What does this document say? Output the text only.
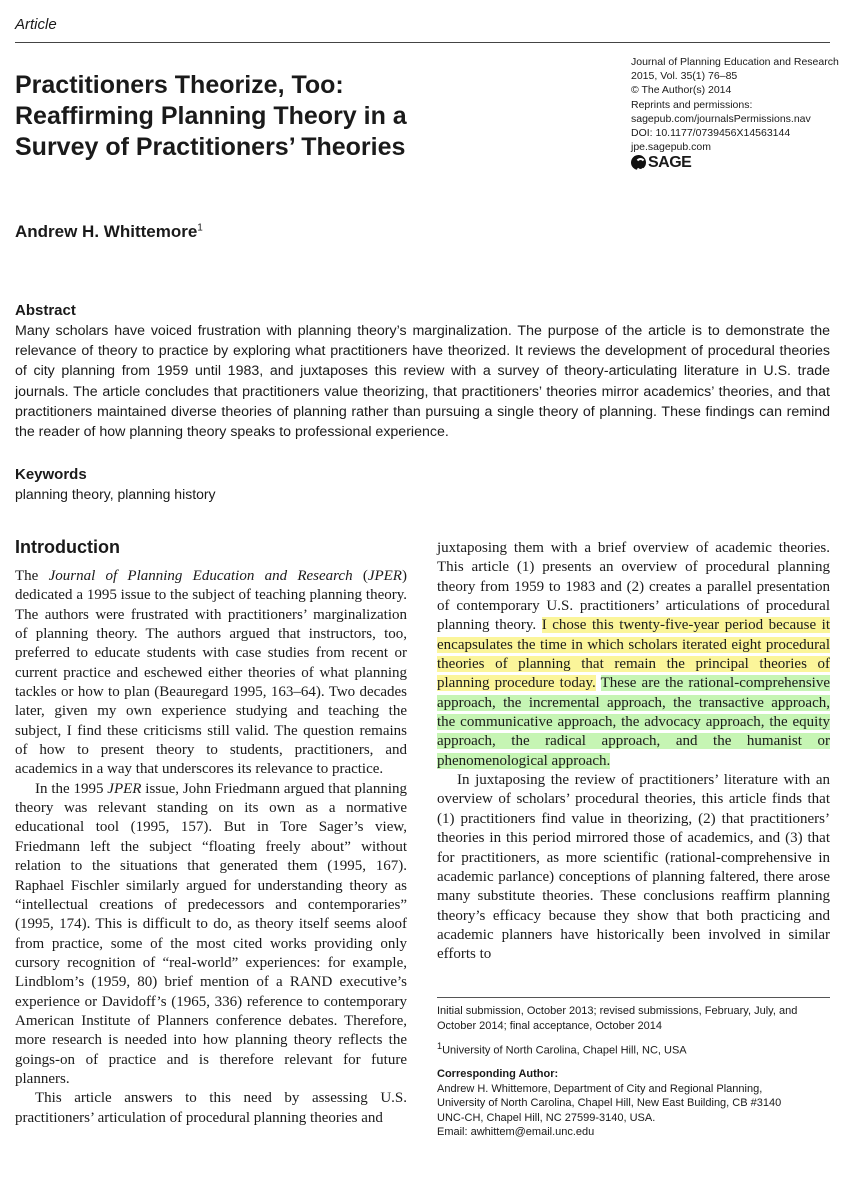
Article
Practitioners Theorize, Too:
Reaffirming Planning Theory in a
Survey of Practitioners’ Theories
Journal of Planning Education and Research
2015, Vol. 35(1) 76–85
© The Author(s) 2014
Reprints and permissions:
sagepub.com/journalsPermissions.nav
DOI: 10.1177/0739456X14563144
jpe.sagepub.com
SAGE
Andrew H. Whittemore$^1$
Abstract

Many scholars have voiced frustration with planning theory’s marginalization. The purpose of the article is to demonstrate the relevance of theory to practice by exploring what practitioners have theorized. It reviews the development of procedural theories of city planning from 1959 until 1983, and juxtaposes this review with a survey of theory-articulating literature in U.S. trade journals. The article concludes that practitioners value theorizing, that practitioners’ theories mirror academics’ theories, and that practitioners maintained diverse theories of planning rather than pursuing a single theory of planning. These findings can remind the reader of how planning theory speaks to professional experience.

Keywords
planning theory, planning history
Introduction

The Journal of Planning Education and Research (JPER) dedicated a 1995 issue to the subject of teaching planning theory. The authors were frustrated with practitioners’ marginalization of planning theory. The authors argued that instructors, too, preferred to educate students with case studies from recent or current practice and eschewed either theories of what planning tackles or how to plan (Beauregard 1995, 163–64). Two decades later, given my own experience studying and teaching the subject, I find these criticisms still valid. The question remains of how to present theory to students, practitioners, and academics in a way that underscores its relevance to practice.

In the 1995 JPER issue, John Friedmann argued that planning theory was relevant standing on its own as a normative educational tool (1995, 157). But in Tore Sager’s view, Friedmann left the subject “floating freely about” without relation to the situations that generated them (1995, 167). Raphael Fischler similarly argued for understanding theory as “intellectual creations of predecessors and contemporaries” (1995, 174). This is difficult to do, as theory itself seems aloof from practice, some of the most cited works providing only cursory recognition of “real-world” experiences: for example, Lindblom’s (1959, 80) brief mention of a RAND executive’s experience or Davidoff’s (1965, 336) reference to contemporary American Institute of Planners conference debates. Therefore, more research is needed into how planning theory reflects the goings-on of practice and is therefore relevant for future planners.

This article answers to this need by assessing U.S. practitioners’ articulation of procedural planning theories and

juxtaposing them with a brief overview of academic theories. This article (1) presents an overview of procedural planning theory from 1959 to 1983 and (2) creates a parallel presentation of contemporary U.S. practitioners’ articulations of procedural planning theory. I chose this twenty-five-year period because it encapsulates the time in which scholars iterated eight procedural theories of planning that remain the principal theories of planning procedure today. These are the rational-comprehensive approach, the incremental approach, the transactive approach, the communicative approach, the advocacy approach, the equity approach, the radical approach, and the humanist or phenomenological approach.

In juxtaposing the review of practitioners’ literature with an overview of scholars’ procedural theories, this article finds that (1) practitioners find value in theorizing, (2) that practitioners’ theories in this period mirrored those of academics, and (3) that for practitioners, as more scientific (rational-comprehensive in academic parlance) conceptions of planning faltered, there arose many substitute theories. These conclusions reaffirm planning theory’s efficacy because they show that both practicing and academic planners have historically been involved in similar efforts to

Initial submission, October 2013; revised submissions, February, July, and October 2014; final acceptance, October 2014

$^1$University of North Carolina, Chapel Hill, NC, USA

Corresponding Author:

Andrew H. Whittemore, Department of City and Regional Planning,

University of North Carolina, Chapel Hill, New East Building, CB #3140

UNC-CH, Chapel Hill, NC 27599-3140, USA.

Email: awhittem@email.unc.edu
